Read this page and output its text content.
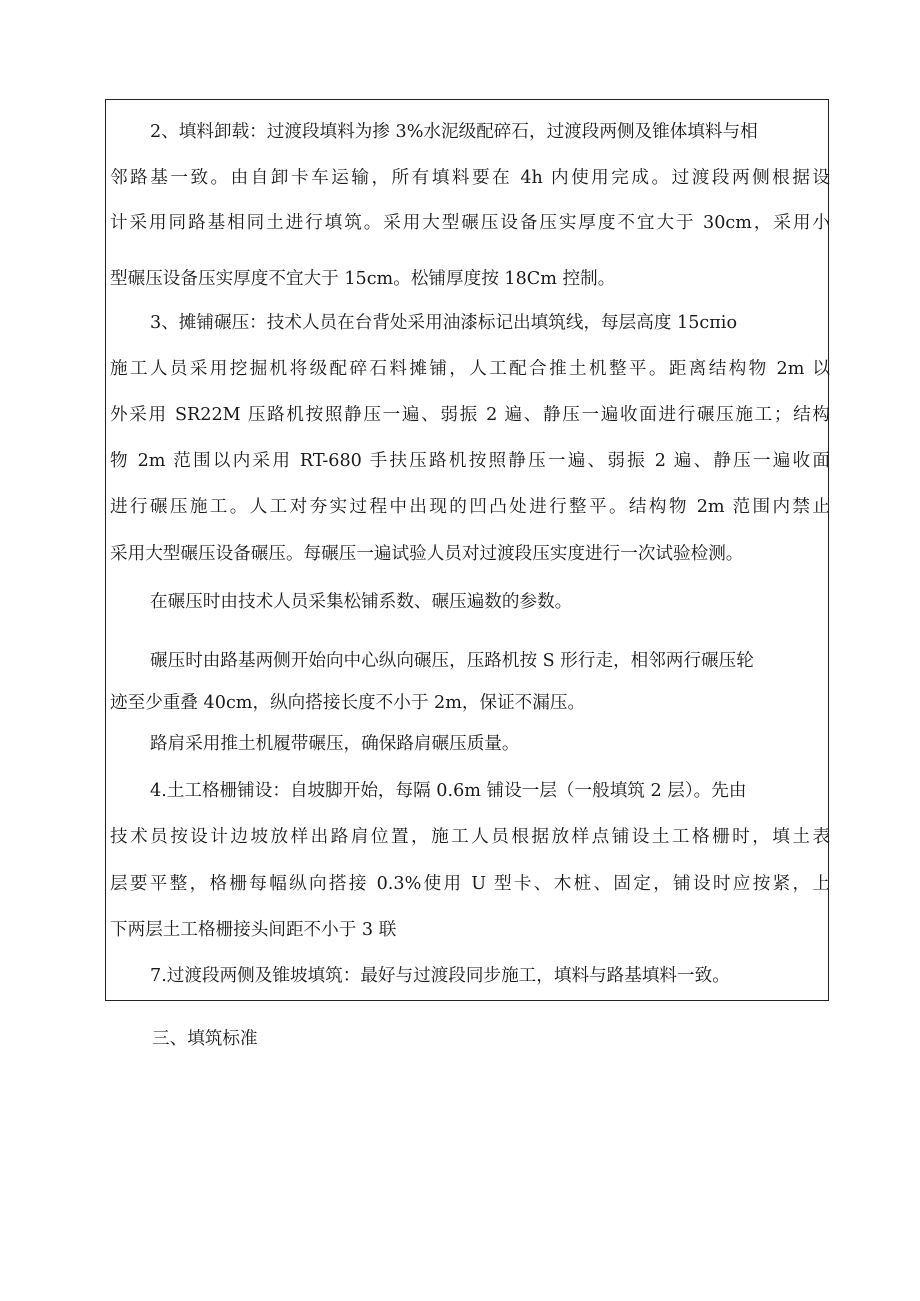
2、填料卸载：过渡段填料为掺 3%水泥级配碎石，过渡段两侧及锥体填料与相
邻路基一致。由自卸卡车运输，所有填料要在 4h 内使用完成。过渡段两侧根据设
计采用同路基相同土进行填筑。采用大型碾压设备压实厚度不宜大于 30cm，采用小
型碾压设备压实厚度不宜大于 15cm。松铺厚度按 18Cm 控制。
3、摊铺碾压：技术人员在台背处采用油漆标记出填筑线，每层高度 15cπio
施工人员采用挖掘机将级配碎石料摊铺，人工配合推土机整平。距离结构物 2m 以
外采用 SR22M 压路机按照静压一遍、弱振 2 遍、静压一遍收面进行碾压施工；结构
物 2m 范围以内采用 RT-680 手扶压路机按照静压一遍、弱振 2 遍、静压一遍收面
进行碾压施工。人工对夯实过程中出现的凹凸处进行整平。结构物 2m 范围内禁止
采用大型碾压设备碾压。每碾压一遍试验人员对过渡段压实度进行一次试验检测。
在碾压时由技术人员采集松铺系数、碾压遍数的参数。
碾压时由路基两侧开始向中心纵向碾压，压路机按 S 形行走，相邻两行碾压轮
迹至少重叠 40cm，纵向搭接长度不小于 2m，保证不漏压。
路肩采用推土机履带碾压，确保路肩碾压质量。
4.土工格栅铺设：自坡脚开始，每隔 0.6m 铺设一层（一般填筑 2 层）。先由
技术员按设计边坡放样出路肩位置，施工人员根据放样点铺设土工格栅时，填土表
层要平整，格栅每幅纵向搭接 0.3%使用 U 型卡、木桩、固定，铺设时应按紧，上
下两层土工格栅接头间距不小于 3 联
7.过渡段两侧及锥坡填筑：最好与过渡段同步施工，填料与路基填料一致。
三、填筑标准
